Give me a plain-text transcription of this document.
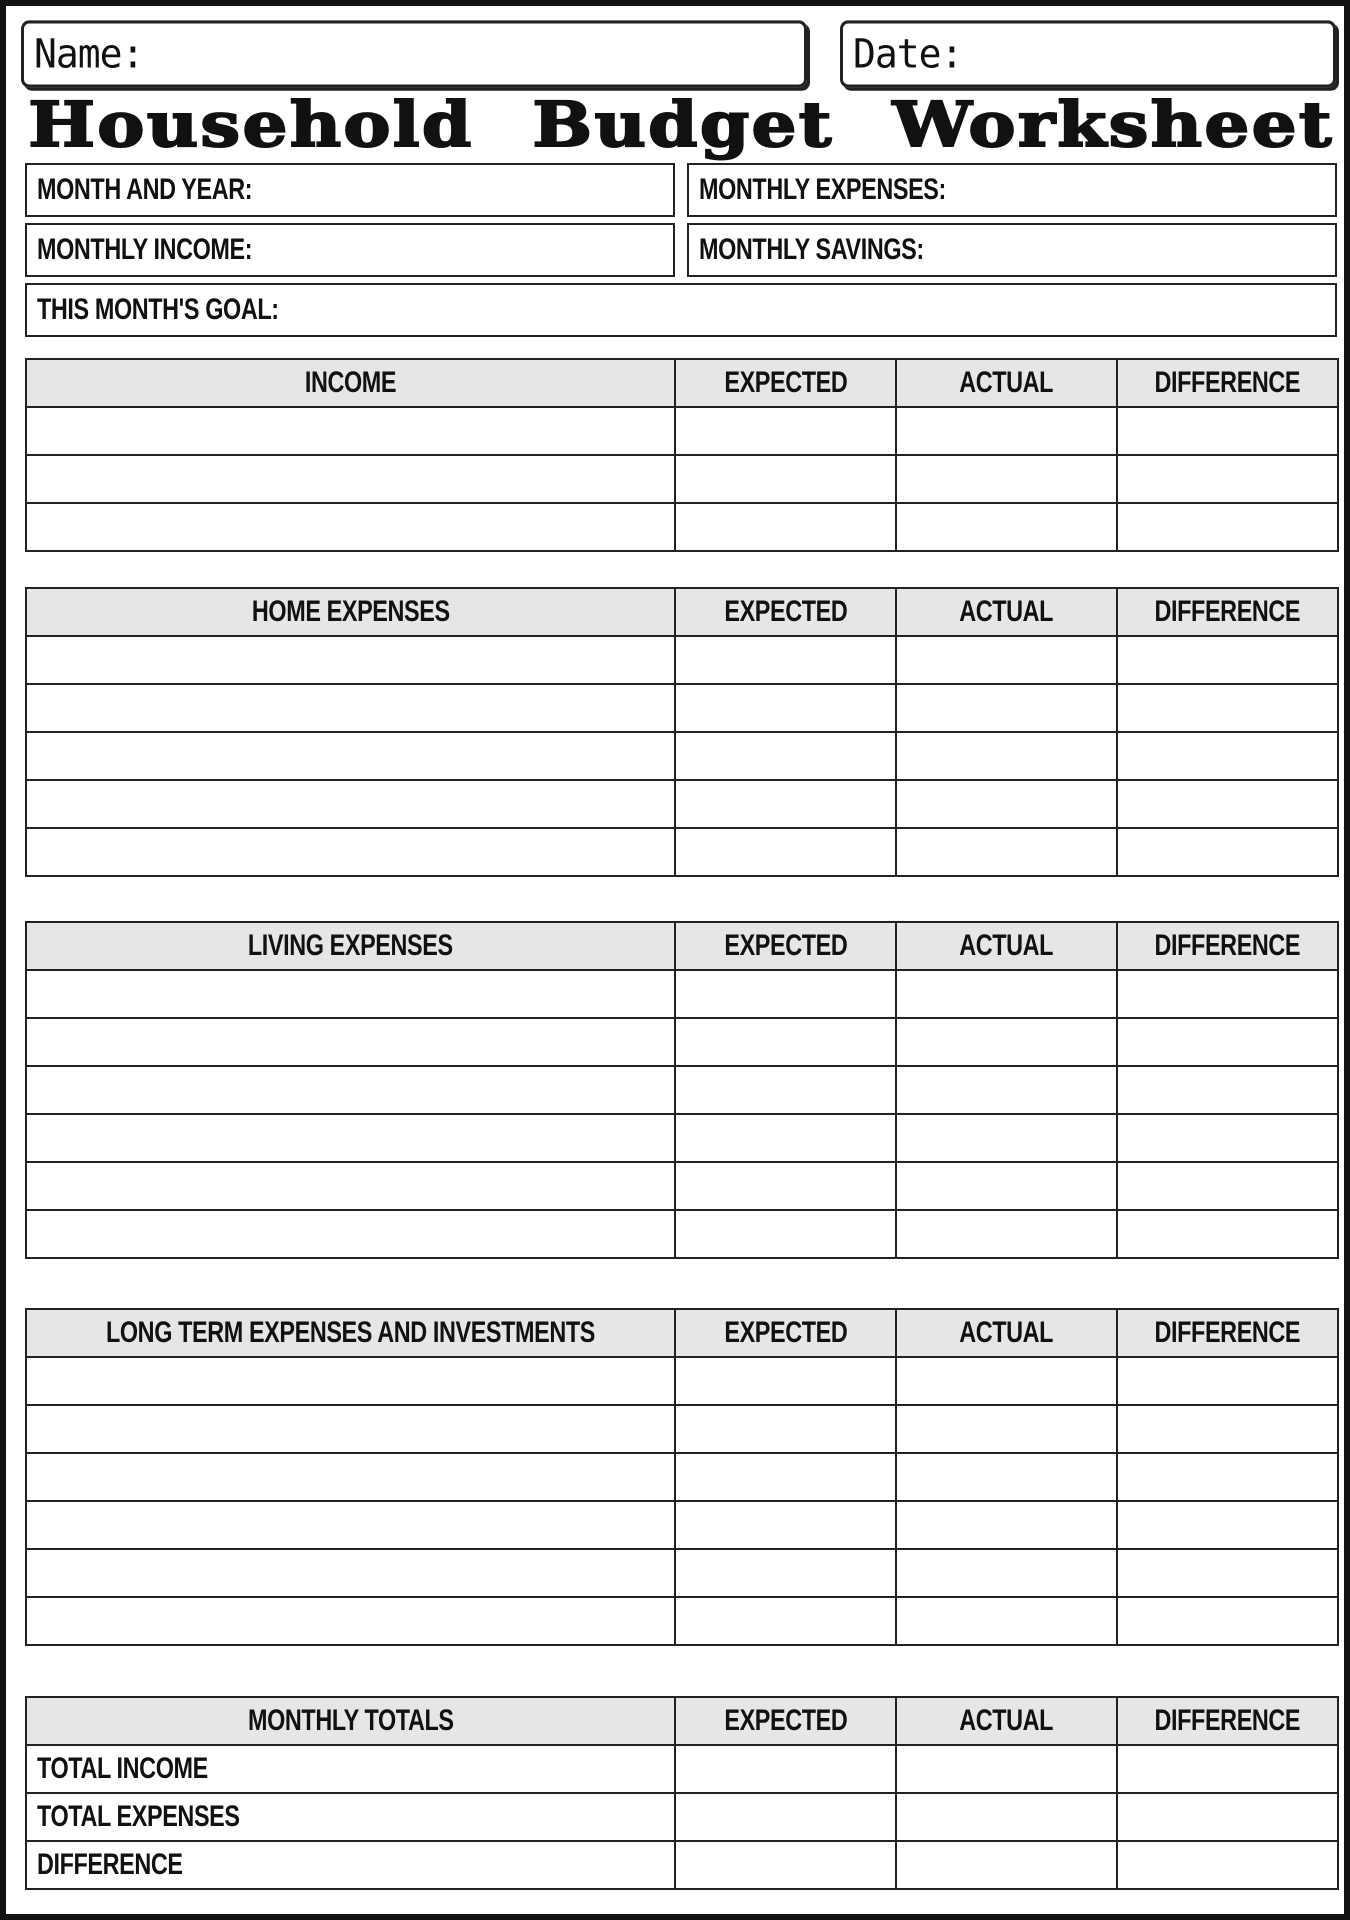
Name:	Date:
Household Budget Worksheet
MONTH AND YEAR:	MONTHLY EXPENSES:
MONTHLY INCOME:	MONTHLY SAVINGS:
THIS MONTH'S GOAL:
INCOME	EXPECTED	ACTUAL	DIFFERENCE

HOME EXPENSES	EXPECTED	ACTUAL	DIFFERENCE

LIVING EXPENSES	EXPECTED	ACTUAL	DIFFERENCE

LONG TERM EXPENSES AND INVESTMENTS	EXPECTED	ACTUAL	DIFFERENCE

MONTHLY TOTALS	EXPECTED	ACTUAL	DIFFERENCE
TOTAL INCOME			
TOTAL EXPENSES			
DIFFERENCE			
